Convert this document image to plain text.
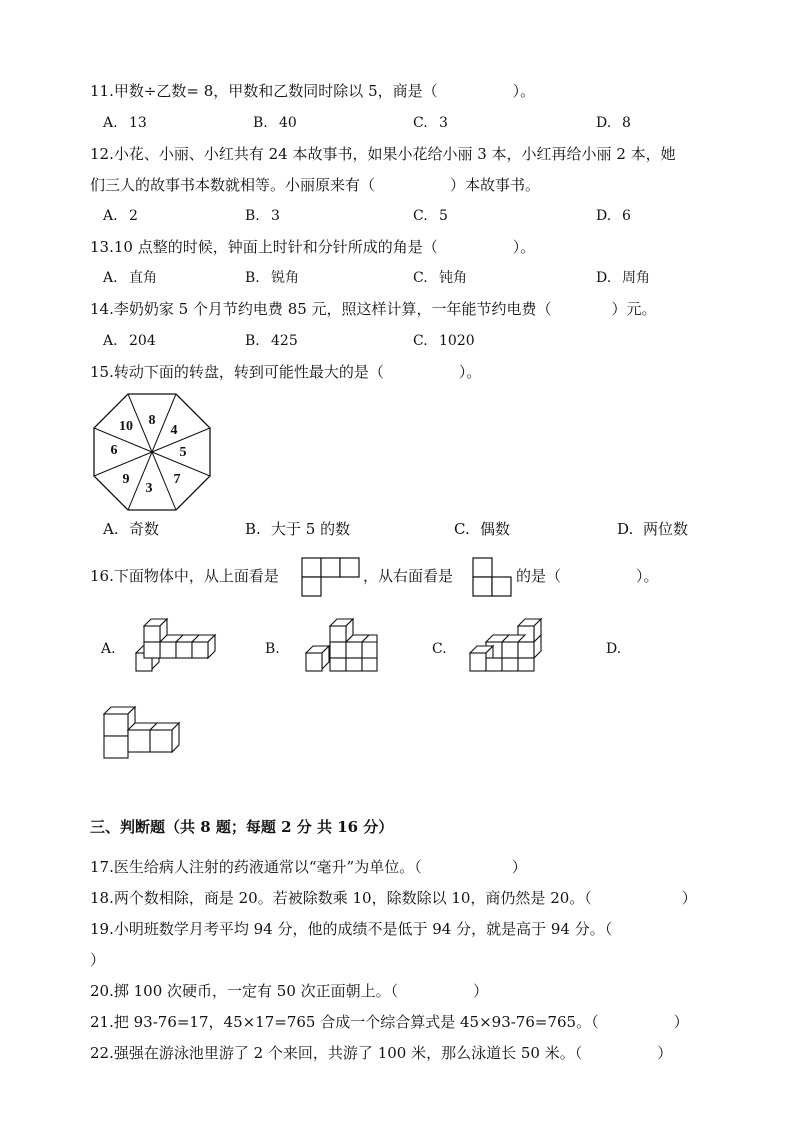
11.甲数÷乙数= 8，甲数和乙数同时除以 5，商是（　　　　　）。
A. 13	B. 40	C. 3	D. 8
12.小花、小丽、小红共有 24 本故事书，如果小花给小丽 3 本，小红再给小丽 2 本，她
们三人的故事书本数就相等。小丽原来有（　　　　　）本故事书。
A. 2	B. 3	C. 5	D. 6
13.10 点整的时候，钟面上时针和分针所成的角是（　　　　　）。
A. 直角	B. 锐角	C. 钝角	D. 周角
14.李奶奶家 5 个月节约电费 85 元，照这样计算，一年能节约电费（　　　　）元。
A. 204	B. 425	C. 1020
15.转动下面的转盘，转到可能性最大的是（　　　　　）。
8
4
5
7
3
9
6
10
A. 奇数	B. 大于 5 的数	C. 偶数	D. 两位数
16.下面物体中，从上面看是	，从右面看是	的是（　　　　　）。
A.	B.	C.	D.
三、判断题（共 8 题；每题 2 分 共 16 分）
17.医生给病人注射的药液通常以“毫升”为单位。（　　　　　　）
18.两个数相除，商是 20。若被除数乘 10，除数除以 10，商仍然是 20。（　　　　　　）
19.小明班数学月考平均 94 分，他的成绩不是低于 94 分，就是高于 94 分。（
）
20.掷 100 次硬币，一定有 50 次正面朝上。（　　　　　）
21.把 93-76=17，45×17=765 合成一个综合算式是 45×93-76=765。（　　　　　）
22.强强在游泳池里游了 2 个来回，共游了 100 米，那么泳道长 50 米。（　　　　　）
